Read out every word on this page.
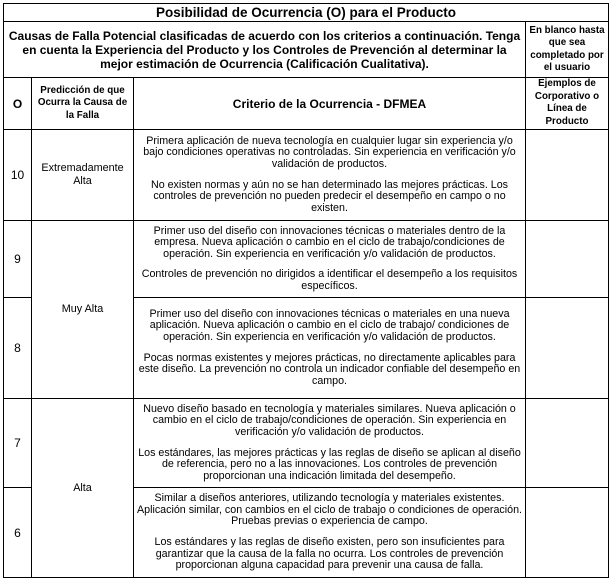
Posibilidad de Ocurrencia (O) para el Producto			
Causas de Falla Potencial clasificadas de acuerdo con los criterios a continuación. Tenga en cuenta la Experiencia del Producto y los Controles de Prevención al determinar la mejor estimación de Ocurrencia (Calificación Cualitativa).			En blanco hasta que sea completado por el usuario
O	Predicción de que Ocurra la Causa de la Falla	Criterio de la Ocurrencia - DFMEA	Ejemplos de Corporativo o Línea de Producto
10	Extremadamente Alta	Primera aplicación de nueva tecnología en cualquier lugar sin experiencia y/o bajo condiciones operativas no controladas. Sin experiencia en verificación y/o validación de productos.

No existen normas y aún no se han determinado las mejores prácticas. Los controles de prevención no pueden predecir el desempeño en campo o no existen.	

9	Muy Alta	Primer uso del diseño con innovaciones técnicas o materiales dentro de la empresa. Nueva aplicación o cambio en el ciclo de trabajo/condiciones de operación. Sin experiencia en verificación y/o validación de productos.

Controles de prevención no dirigidos a identificar el desempeño a los requisitos específicos.	

8		Primer uso del diseño con innovaciones técnicas o materiales en una nueva aplicación. Nueva aplicación o cambio en el ciclo de trabajo/ condiciones de operación. Sin experiencia en verificación y/o validación de productos.

Pocas normas existentes y mejores prácticas, no directamente aplicables para este diseño. La prevención no controla un indicador confiable del desempeño en campo.	

7	Alta	Nuevo diseño basado en tecnología y materiales similares. Nueva aplicación o cambio en el ciclo de trabajo/condiciones de operación. Sin experiencia en verificación y/o validación de productos.

Los estándares, las mejores prácticas y las reglas de diseño se aplican al diseño de referencia, pero no a las innovaciones. Los controles de prevención proporcionan una indicación limitada del desempeño.	

6		Similar a diseños anteriores, utilizando tecnología y materiales existentes. Aplicación similar, con cambios en el ciclo de trabajo o condiciones de operación. Pruebas previas o experiencia de campo.

Los estándares y las reglas de diseño existen, pero son insuficientes para garantizar que la causa de la falla no ocurra. Los controles de prevención proporcionan alguna capacidad para prevenir una causa de falla.	
